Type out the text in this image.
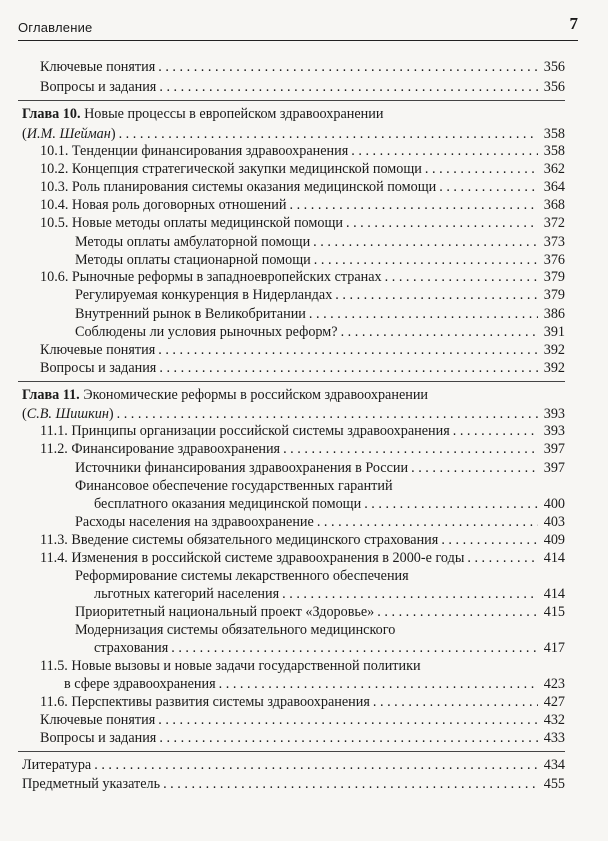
Оглавление	7
Ключевые понятия . . .	356
Вопросы и задания . . .	356
Глава 10. Новые процессы в европейском здравоохранении
(И.М. Шейман) . . .	358
10.1. Тенденции финансирования здравоохранения . . .	358
10.2. Концепция стратегической закупки медицинской помощи . . .	362
10.3. Роль планирования системы оказания медицинской помощи . . .	364
10.4. Новая роль договорных отношений . . .	368
10.5. Новые методы оплаты медицинской помощи . . .	372
Методы оплаты амбулаторной помощи . . .	373
Методы оплаты стационарной помощи . . .	376
10.6. Рыночные реформы в западноевропейских странах . . .	379
Регулируемая конкуренция в Нидерландах . . .	379
Внутренний рынок в Великобритании . . .	386
Соблюдены ли условия рыночных реформ? . . .	391
Ключевые понятия . . .	392
Вопросы и задания . . .	392
Глава 11. Экономические реформы в российском здравоохранении
(С.В. Шишкин) . . .	393
11.1. Принципы организации российской системы здравоохранения . . .	393
11.2. Финансирование здравоохранения . . .	397
Источники финансирования здравоохранения в России . . .	397
Финансовое обеспечение государственных гарантий
бесплатного оказания медицинской помощи . . .	400
Расходы населения на здравоохранение . . .	403
11.3. Введение системы обязательного медицинского страхования . . .	409
11.4. Изменения в российской системе здравоохранения в 2000-е годы . . .	414
Реформирование системы лекарственного обеспечения
льготных категорий населения . . .	414
Приоритетный национальный проект «Здоровье» . . .	415
Модернизация системы обязательного медицинского
страхования . . .	417
11.5. Новые вызовы и новые задачи государственной политики
в сфере здравоохранения . . .	423
11.6. Перспективы развития системы здравоохранения . . .	427
Ключевые понятия . . .	432
Вопросы и задания . . .	433
Литература . . .	434
Предметный указатель . . .	455
